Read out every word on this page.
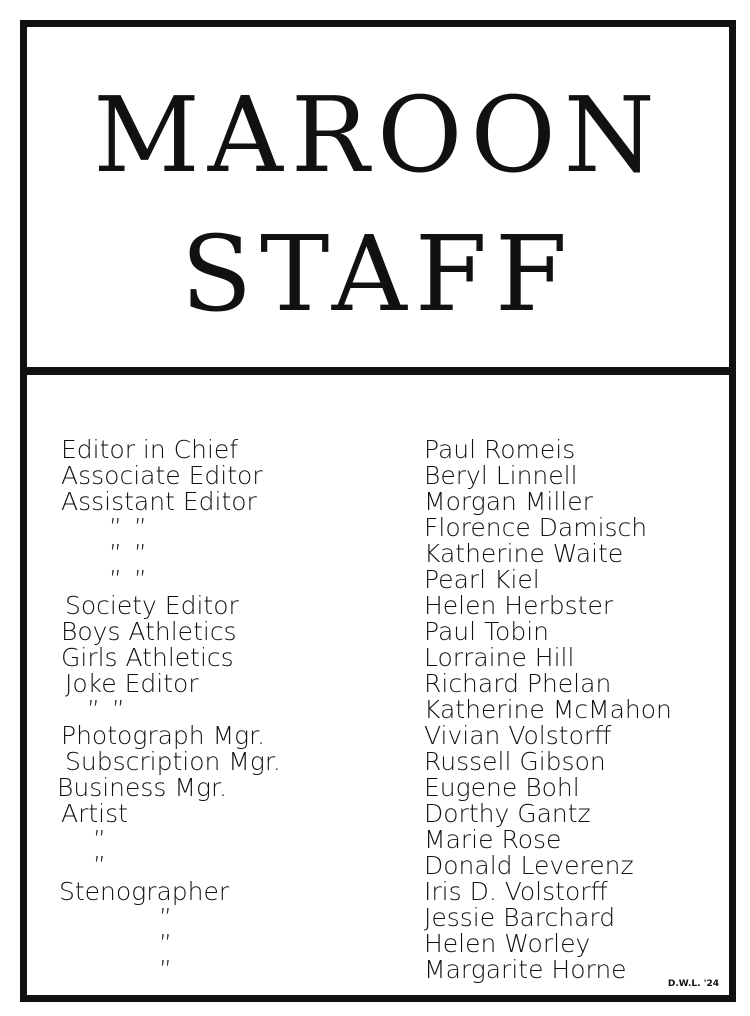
MAROON
STAFF
Editor in Chief	Paul Romeis
Associate Editor	Beryl Linnell
Assistant Editor	Morgan Miller
” ”	Florence Damisch
” ”	Katherine Waite
” ”	Pearl Kiel
Society Editor	Helen Herbster
Boys Athletics	Paul Tobin
Girls Athletics	Lorraine Hill
Joke Editor	Richard Phelan
” ”	Katherine McMahon
Photograph Mgr.	Vivian Volstorff
Subscription Mgr.	Russell Gibson
Business Mgr.	Eugene Bohl
Artist	Dorthy Gantz
”	Marie Rose
”	Donald Leverenz
Stenographer	Iris D. Volstorff
”	Jessie Barchard
”	Helen Worley
”	Margarite Horne	D.W.L. '24
